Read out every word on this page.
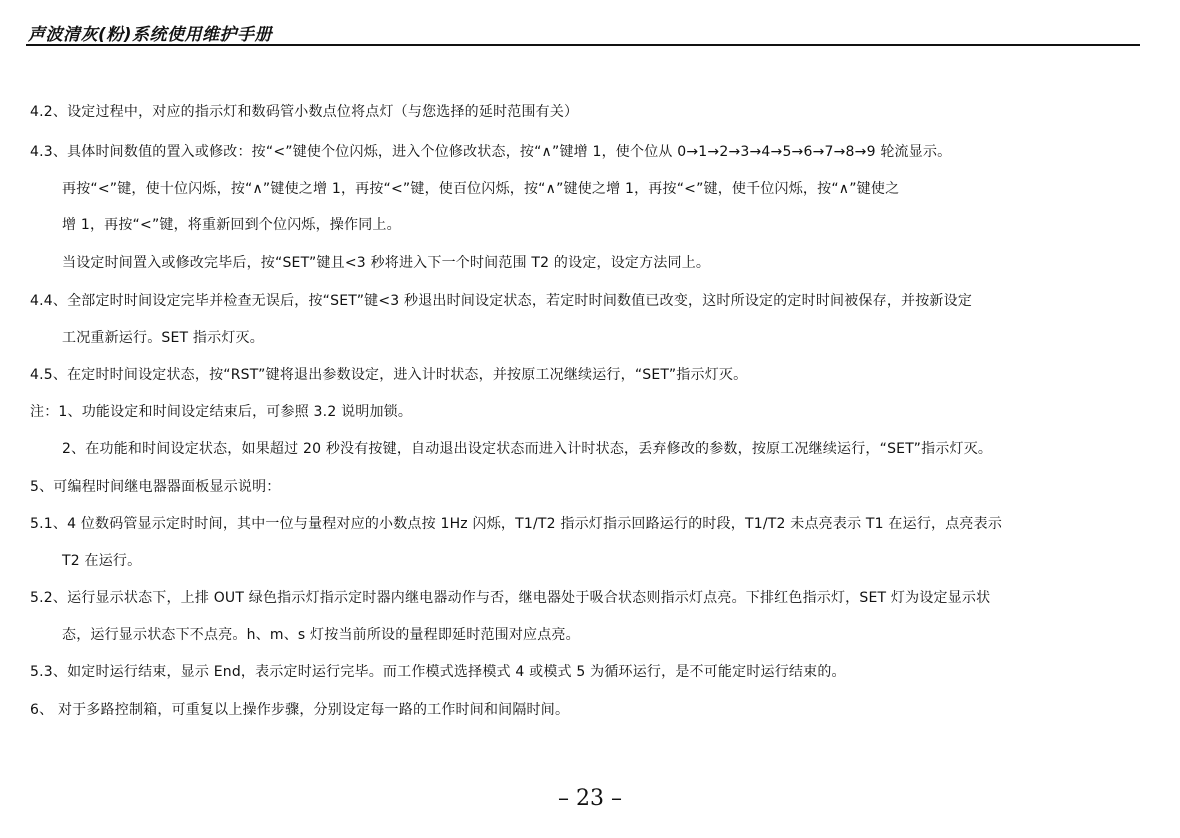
声波清灰(粉)系统使用维护手册
4.2、设定过程中，对应的指示灯和数码管小数点位将点灯（与您选择的延时范围有关）
4.3、具体时间数值的置入或修改：按“<”键使个位闪烁，进入个位修改状态，按“∧”键增 1，使个位从 0→1→2→3→4→5→6→7→8→9 轮流显示。
再按“<”键，使十位闪烁，按“∧”键使之增 1，再按“<”键，使百位闪烁，按“∧”键使之增 1，再按“<”键，使千位闪烁，按“∧”键使之
增 1，再按“<”键，将重新回到个位闪烁，操作同上。
当设定时间置入或修改完毕后，按“SET”键且<3 秒将进入下一个时间范围 T2 的设定，设定方法同上。
4.4、全部定时时间设定完毕并检查无误后，按“SET”键<3 秒退出时间设定状态，若定时时间数值已改变，这时所设定的定时时间被保存，并按新设定
工况重新运行。SET 指示灯灭。
4.5、在定时时间设定状态，按“RST”键将退出参数设定，进入计时状态，并按原工况继续运行，“SET”指示灯灭。
注：1、功能设定和时间设定结束后，可参照 3.2 说明加锁。
2、在功能和时间设定状态，如果超过 20 秒没有按键，自动退出设定状态而进入计时状态，丢弃修改的参数，按原工况继续运行，“SET”指示灯灭。
5、可编程时间继电器器面板显示说明：
5.1、4 位数码管显示定时时间，其中一位与量程对应的小数点按 1Hz 闪烁，T1/T2 指示灯指示回路运行的时段，T1/T2 未点亮表示 T1 在运行，点亮表示
T2 在运行。
5.2、运行显示状态下，上排 OUT 绿色指示灯指示定时器内继电器动作与否，继电器处于吸合状态则指示灯点亮。下排红色指示灯，SET 灯为设定显示状
态，运行显示状态下不点亮。h、m、s 灯按当前所设的量程即延时范围对应点亮。
5.3、如定时运行结束，显示 End，表示定时运行完毕。而工作模式选择模式 4 或模式 5 为循环运行，是不可能定时运行结束的。
6、 对于多路控制箱，可重复以上操作步骤，分别设定每一路的工作时间和间隔时间。
– 23 –
